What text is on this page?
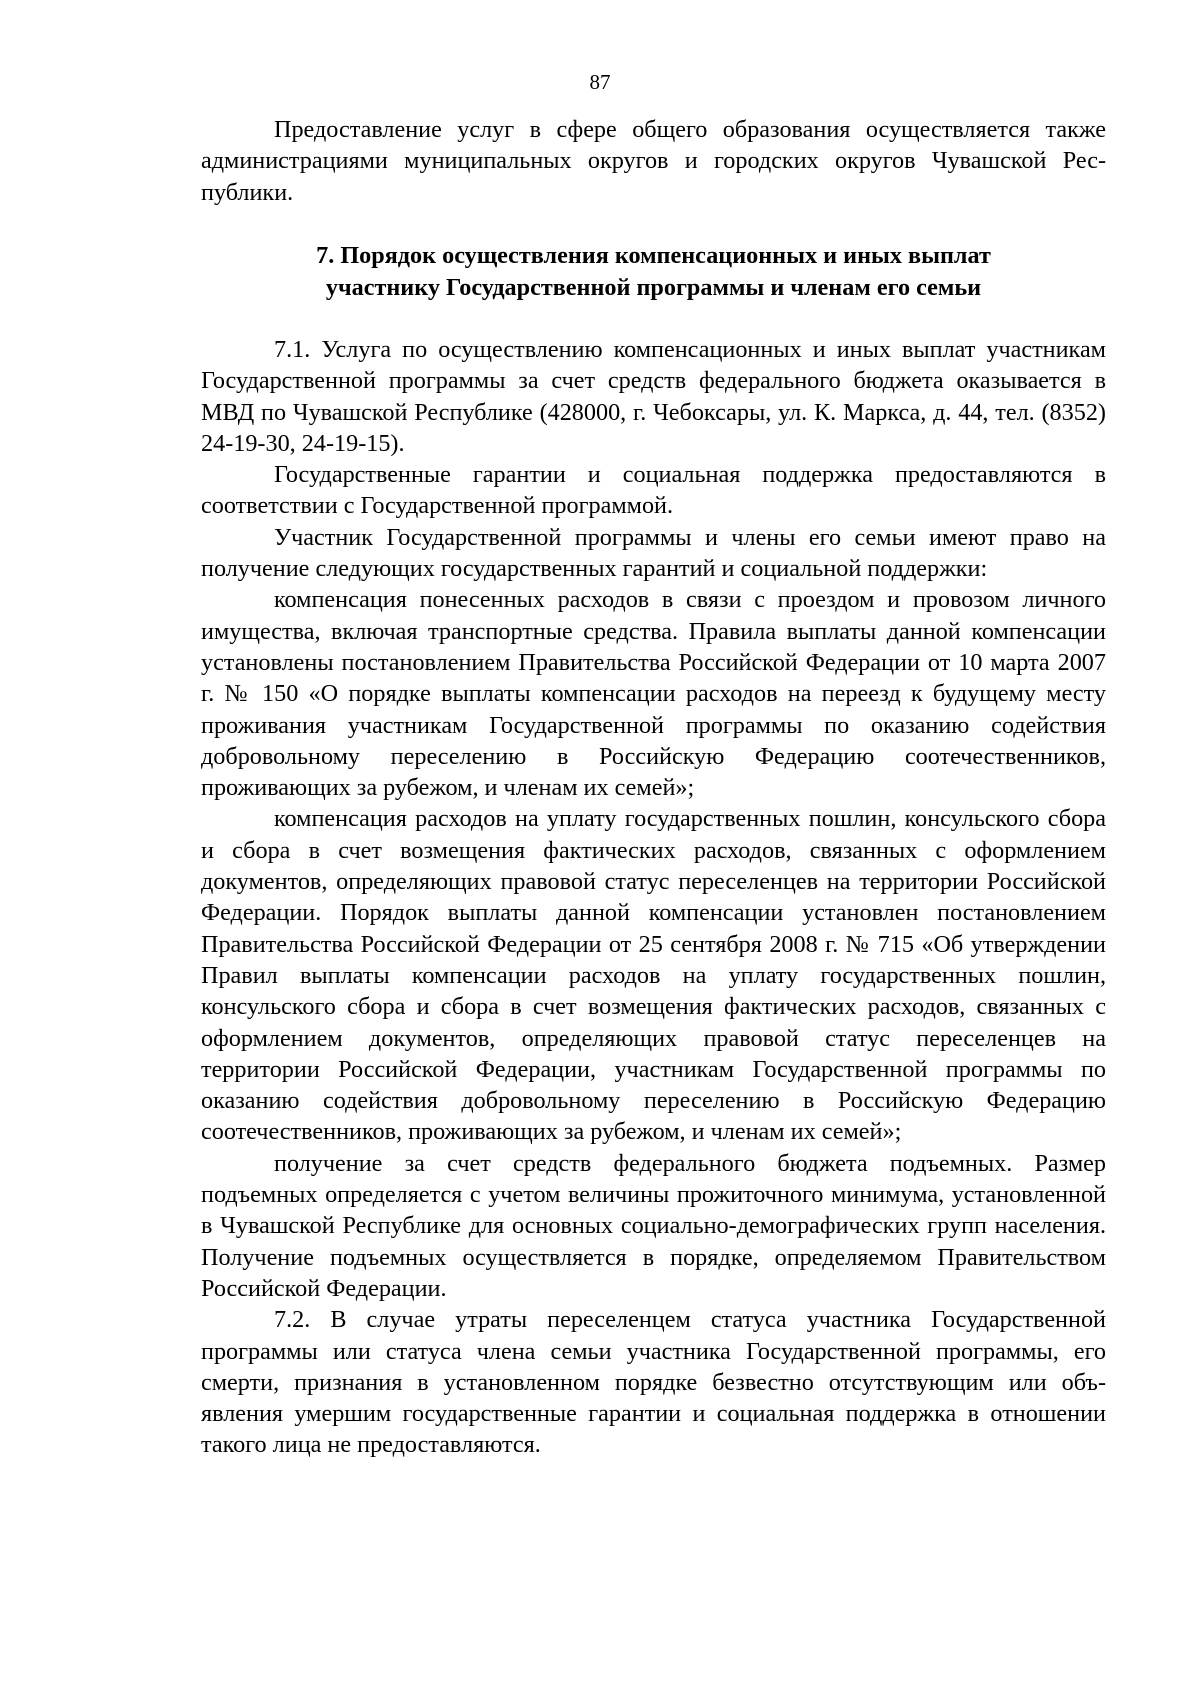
87

Предоставление услуг в сфере общего образования осуществляется также администрациями муниципальных округов и городских округов Чувашской Республики.

7. Порядок осуществления компенсационных и иных выплат
участнику Государственной программы и членам его семьи

7.1. Услуга по осуществлению компенсационных и иных выплат участникам Государственной программы за счет средств федерального бюджета оказывается в МВД по Чувашской Республике (428000, г. Чебоксары, ул. К. Маркса, д. 44, тел. (8352) 24-19-30, 24-19-15).

Государственные гарантии и социальная поддержка предоставляются в соответствии с Государственной программой.

Участник Государственной программы и члены его семьи имеют право на получение следующих государственных гарантий и социальной поддержки:

компенсация понесенных расходов в связи с проездом и провозом личного имущества, включая транспортные средства. Правила выплаты данной компенсации установлены постановлением Правительства Российской Федерации от 10 марта 2007 г. № 150 «О порядке выплаты компенсации расходов на переезд к будущему месту проживания участникам Государственной программы по оказанию содействия добровольному переселению в Российскую Федерацию соотечественников, проживающих за рубежом, и членам их семей»;

компенсация расходов на уплату государственных пошлин, консульского сбора и сбора в счет возмещения фактических расходов, связанных с оформлением документов, определяющих правовой статус переселенцев на территории Российской Федерации. Порядок выплаты данной компенсации установлен постановлением Правительства Российской Федерации от 25 сентября 2008 г. № 715 «Об утверждении Правил выплаты компенсации расходов на уплату государственных пошлин, консульского сбора и сбора в счет возмещения фактических расходов, связанных с оформлением документов, определяющих правовой статус переселенцев на территории Российской Федерации, участникам Государственной программы по оказанию содействия добровольному переселению в Российскую Федерацию соотечественников, проживающих за рубежом, и членам их семей»;

получение за счет средств федерального бюджета подъемных. Размер подъемных определяется с учетом величины прожиточного минимума, установленной в Чувашской Республике для основных социально-демографических групп населения. Получение подъемных осуществляется в порядке, определяемом Правительством Российской Федерации.

7.2. В случае утраты переселенцем статуса участника Государственной программы или статуса члена семьи участника Государственной программы, его смерти, признания в установленном порядке безвестно отсутствующим или объявления умершим государственные гарантии и социальная поддержка в отношении такого лица не предоставляются.
